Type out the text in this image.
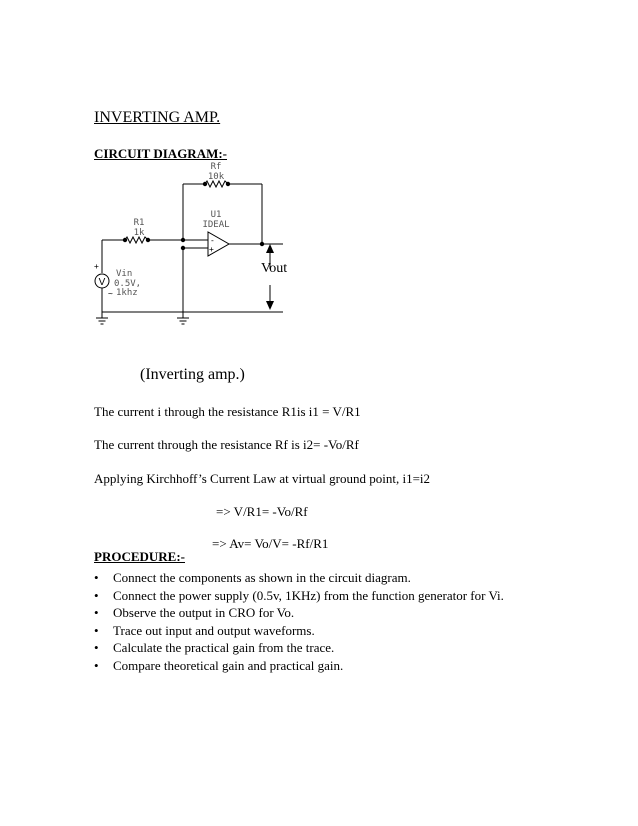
INVERTING AMP.
CIRCUIT DIAGRAM:-
Rf
10k
R1
1k
U1
IDEAL
Vin
0.5V,
1khz
-
+
+
~
V
Vout
(Inverting amp.)
The current i through the resistance R1is i1 = V/R1
The current through the resistance Rf is i2= -Vo/Rf
Applying Kirchhoff’s Current Law at virtual ground point, i1=i2
=> V/R1= -Vo/Rf
=> Av= Vo/V= -Rf/R1
PROCEDURE:-
• Connect the components as shown in the circuit diagram.
• Connect the power supply (0.5v, 1KHz) from the function generator for Vi.
• Observe the output in CRO for Vo.
• Trace out input and output waveforms.
• Calculate the practical gain from the trace.
• Compare theoretical gain and practical gain.
